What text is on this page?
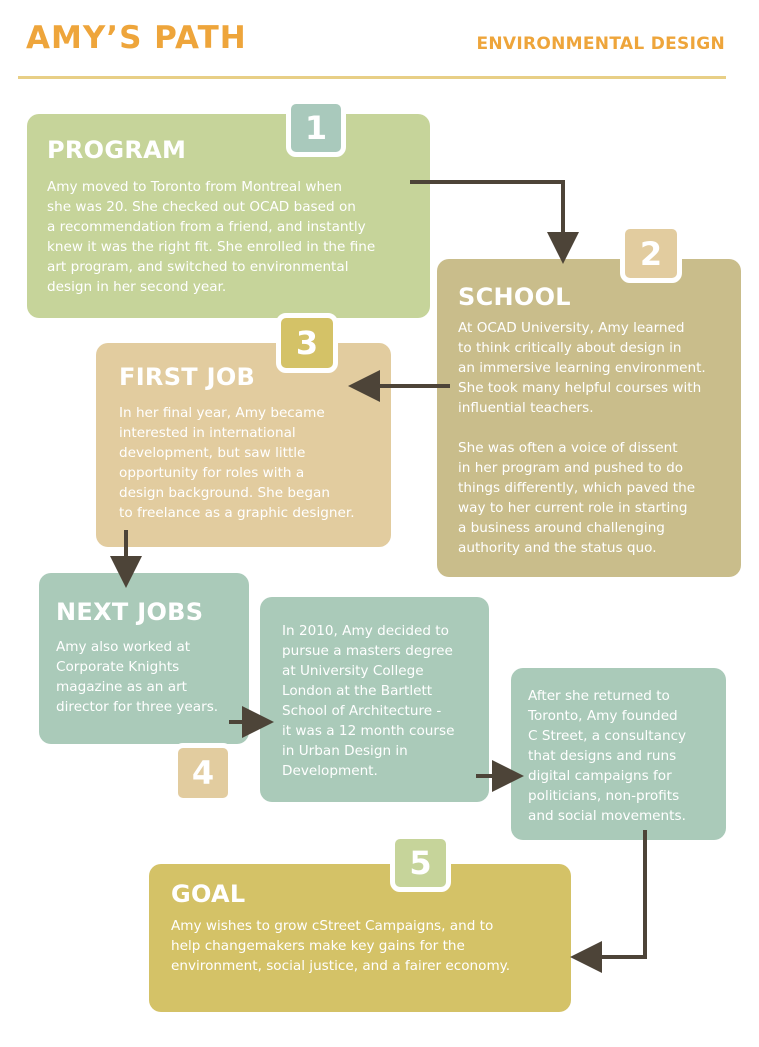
AMY’S PATH	ENVIRONMENTAL DESIGN
PROGRAM
Amy moved to Toronto from Montreal when
she was 20. She checked out OCAD based on
a recommendation from a friend, and instantly
knew it was the right fit. She enrolled in the fine
art program, and switched to environmental
design in her second year.
1
SCHOOL
At OCAD University, Amy learned
to think critically about design in
an immersive learning environment.
She took many helpful courses with
influential teachers.

She was often a voice of dissent
in her program and pushed to do
things differently, which paved the
way to her current role in starting
a business around challenging
authority and the status quo.
2
FIRST JOB
In her final year, Amy became
interested in international
development, but saw little
opportunity for roles with a
design background. She began
to freelance as a graphic designer.
3
NEXT JOBS
Amy also worked at
Corporate Knights
magazine as an art
director for three years.
4
In 2010, Amy decided to
pursue a masters degree
at University College
London at the Bartlett
School of Architecture -
it was a 12 month course
in Urban Design in
Development.
After she returned to
Toronto, Amy founded
C Street, a consultancy
that designs and runs
digital campaigns for
politicians, non-profits
and social movements.
GOAL
Amy wishes to grow cStreet Campaigns, and to
help changemakers make key gains for the
environment, social justice, and a fairer economy.
5
